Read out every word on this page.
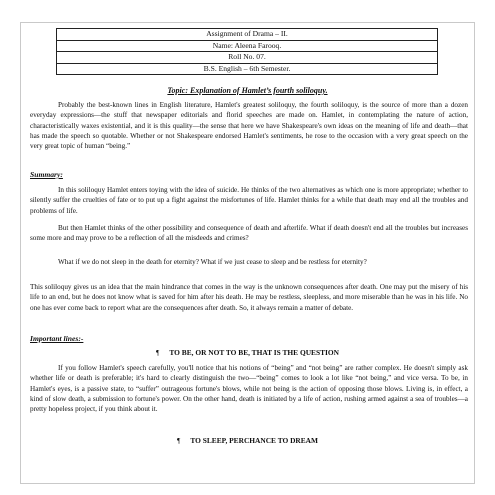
Assignment of Drama – II.
Name: Aleena Farooq.
Roll No. 07.
B.S. English – 6th Semester.
Topic: Explanation of Hamlet’s fourth soliloquy.

Probably the best-known lines in English literature, Hamlet's greatest soliloquy, the fourth soliloquy, is the source of more than a dozen everyday expressions—the stuff that newspaper editorials and florid speeches are made on. Hamlet, in contemplating the nature of action, characteristically waxes existential, and it is this quality—the sense that here we have Shakespeare's own ideas on the meaning of life and death—that has made the speech so quotable. Whether or not Shakespeare endorsed Hamlet's sentiments, he rose to the occasion with a very great speech on the very great topic of human “being.”

Summary:

In this soliloquy Hamlet enters toying with the idea of suicide. He thinks of the two alternatives as which one is more appropriate; whether to silently suffer the cruelties of fate or to put up a fight against the misfortunes of life. Hamlet thinks for a while that death may end all the troubles and problems of life.

But then Hamlet thinks of the other possibility and consequence of death and afterlife. What if death doesn't end all the troubles but increases some more and may prove to be a reflection of all the misdeeds and crimes?

What if we do not sleep in the death for eternity? What if we just cease to sleep and be restless for eternity?

This soliloquy gives us an idea that the main hindrance that comes in the way is the unknown consequences after death. One may put the misery of his life to an end, but he does not know what is saved for him after his death. He may be restless, sleepless, and more miserable than he was in his life. No one has ever come back to report what are the consequences after death. So, it always remain a matter of debate.

Important lines:-
¶ TO BE, OR NOT TO BE, THAT IS THE QUESTION

If you follow Hamlet's speech carefully, you'll notice that his notions of “being” and “not being” are rather complex. He doesn't simply ask whether life or death is preferable; it's hard to clearly distinguish the two—“being” comes to look a lot like “not being,” and vice versa. To be, in Hamlet's eyes, is a passive state, to “suffer” outrageous fortune's blows, while not being is the action of opposing those blows. Living is, in effect, a kind of slow death, a submission to fortune's power. On the other hand, death is initiated by a life of action, rushing armed against a sea of troubles—a pretty hopeless project, if you think about it.

¶ TO SLEEP, PERCHANCE TO DREAM
